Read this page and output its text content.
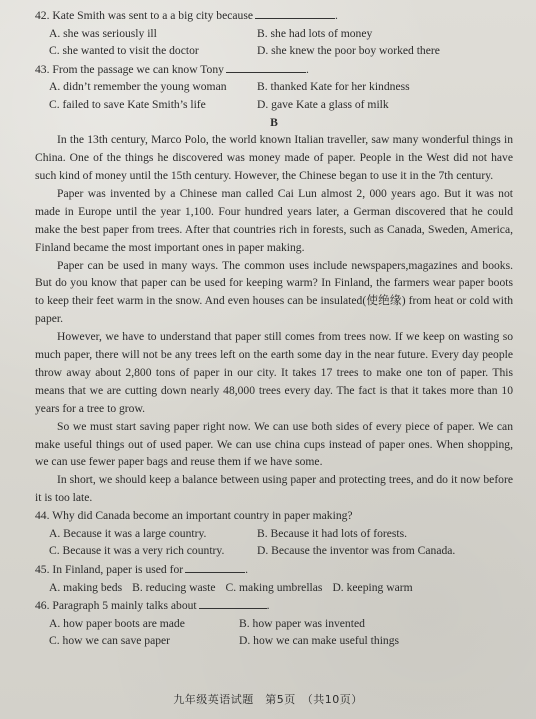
42. Kate Smith was sent to a a big city because	.

A. she was seriously ill	B. she had lots of money
C. she wanted to visit the doctor	D. she knew the poor boy worked there

43. From the passage we can know Tony	.

A. didn’t remember the young woman	B. thanked Kate for her kindness
C. failed to save Kate Smith’s life	D. gave Kate a glass of milk

B

In the 13th century, Marco Polo, the world known Italian traveller, saw many wonderful things in China. One of the things he discovered was money made of paper. People in the West did not have such kind of money until the 15th century. However, the Chinese began to use it in the 7th century.

Paper was invented by a Chinese man called Cai Lun almost 2, 000 years ago. But it was not made in Europe until the year 1,100. Four hundred years later, a German discovered that he could make the best paper from trees. After that countries rich in forests, such as Canada, Sweden, America, Finland became the most important ones in paper making.

Paper can be used in many ways. The common uses include newspapers,magazines and books. But do you know that paper can be used for keeping warm? In Finland, the farmers wear paper boots to keep their feet warm in the snow. And even houses can be insulated(使绝缘) from heat or cold with paper.

However, we have to understand that paper still comes from trees now. If we keep on wasting so much paper, there will not be any trees left on the earth some day in the near future. Every day people throw away about 2,800 tons of paper in our city. It takes 17 trees to make one ton of paper. This means that we are cutting down nearly 48,000 trees every day. The fact is that it takes more than 10 years for a tree to grow.

So we must start saving paper right now. We can use both sides of every piece of paper. We can make useful things out of used paper. We can use china cups instead of paper ones. When shopping, we can use fewer paper bags and reuse them if we have some.

In short, we should keep a balance between using paper and protecting trees, and do it now before it is too late.

44. Why did Canada become an important country in paper making?

A. Because it was a large country.	B. Because it had lots of forests.
C. Because it was a very rich country.	D. Because the inventor was from Canada.

45. In Finland, paper is used for	.

A. making beds B. reducing waste C. making umbrellas D. keeping warm

46. Paragraph 5 mainly talks about	.

A. how paper boots are made	B. how paper was invented
C. how we can save paper	D. how we can make useful things
九年级英语试题　第5页　（共10页）
